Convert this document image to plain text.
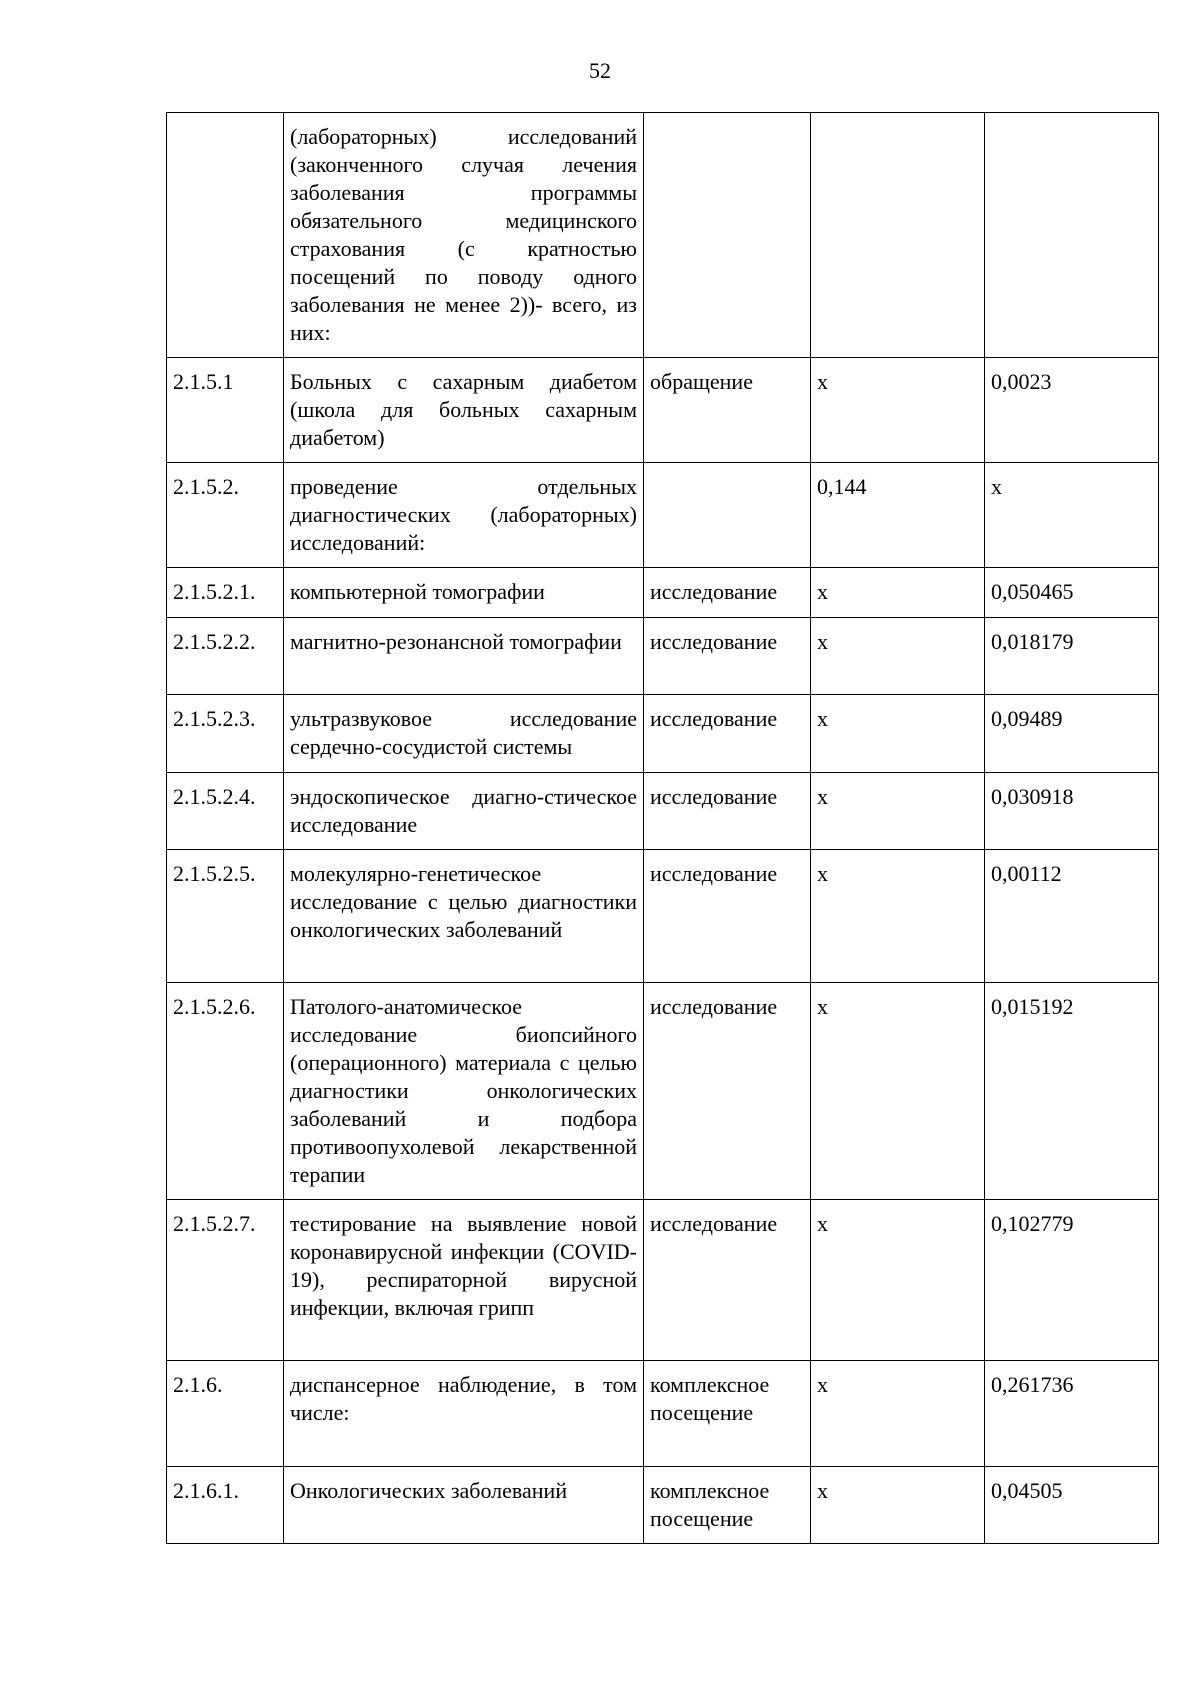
52
	(лабораторных) исследований (законченного случая лечения заболевания программы обязательного медицинского страхования (с кратностью посещений по поводу одного заболевания не менее 2))- всего, из них:			
2.1.5.1	Больных с сахарным диабетом (школа для больных сахарным диабетом)	обращение	х	0,0023
2.1.5.2.	проведение отдельных диагностических (лабораторных) исследований:		0,144	х
2.1.5.2.1.	компьютерной томографии	исследование	х	0,050465
2.1.5.2.2.	магнитно-резонансной томографии	исследование	х	0,018179
2.1.5.2.3.	ультразвуковое исследование сердечно-сосудистой системы	исследование	х	0,09489
2.1.5.2.4.	эндоскопическое диагно-стическое исследование	исследование	х	0,030918
2.1.5.2.5.	молекулярно-генетическое исследование с целью диагностики онкологических заболеваний	исследование	х	0,00112
2.1.5.2.6.	Патолого-анатомическое исследование биопсийного (операционного) материала с целью диагностики онкологических заболеваний и подбора противоопухолевой лекарственной терапии	исследование	х	0,015192
2.1.5.2.7.	тестирование на выявление новой коронавирусной инфекции (COVID-19), респираторной вирусной инфекции, включая грипп	исследование	х	0,102779
2.1.6.	диспансерное наблюдение, в том числе:	комплексное посещение	х	0,261736
2.1.6.1.	Онкологических заболеваний	комплексное посещение	х	0,04505
